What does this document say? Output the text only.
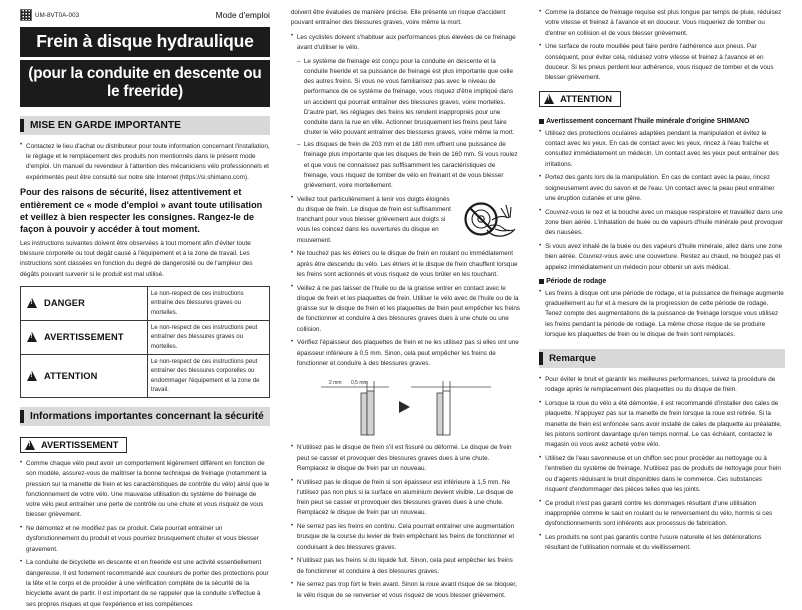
UM-8VT0A-003	Mode d'emploi
Frein à disque hydraulique
(pour la conduite en descente ou le freeride)
MISE EN GARDE IMPORTANTE
• Contactez le lieu d'achat ou distributeur pour toute information concernant l'installation, le réglage et le remplacement des produits non mentionnés dans le présent mode d'emploi. Un manuel du revendeur à l'attention des mécaniciens vélo professionnels et expérimentés peut être consulté sur notre site Internet (https://si.shimano.com).
Pour des raisons de sécurité, lisez attentivement et entièrement ce « mode d'emploi » avant toute utilisation et veillez à bien respecter les consignes. Rangez-le de façon à pouvoir y accéder à tout moment.

Les instructions suivantes doivent être observées à tout moment afin d'éviter toute blessure corporelle ou tout dégât causé à l'équipement et à la zone de travail. Les instructions sont classées en fonction du degré de dangerosité ou de l'ampleur des dégâts pouvant survenir si le produit est mal utilisé.

!
DANGER	Le non-respect de ces instructions entraîne des blessures graves ou mortelles.

!
AVERTISSEMENT	Le non-respect de ces instructions peut entraîner des blessures graves ou mortelles.

!
ATTENTION	Le non-respect de ces instructions peut entraîner des blessures corporelles ou endommager l'équipement et la zone de travail.
Informations importantes concernant la sécurité
!
AVERTISSEMENT
• Comme chaque vélo peut avoir un comportement légèrement différent en fonction de son modèle, assurez-vous de maîtriser la bonne technique de freinage (notamment la pression sur la manette de frein et les caractéristiques de contrôle du vélo) ainsi que le fonctionnement de votre vélo. Une mauvaise utilisation du système de freinage de votre vélo peut entraîner une perte de contrôle ou une chute et vous risquez de vous blesser grièvement.
• Ne démontez et ne modifiez pas ce produit. Cela pourrait entraîner un dysfonctionnement du produit et vous pourriez brusquement chuter et vous blesser gravement.
• La conduite de bicyclette en descente et en freeride est une activité essentiellement dangereuse. Il est fortement recommandé aux coureurs de porter des protections pour la tête et le corps et de procéder à une vérification complète de la sécurité de la bicyclette avant de partir. Il est important de se rappeler que la conduite s'effectue à ses propres risques et que l'expérience et les compétences

doivent être évaluées de manière précise. Elle présente un risque d'accident pouvant entraîner des blessures graves, voire même la mort.

• Les cyclistes doivent s'habituer aux performances plus élevées de ce freinage avant d'utiliser le vélo.
– Le système de freinage est conçu pour la conduite en descente et la conduite freeride et sa puissance de freinage est plus importante que celle des autres freins. Si vous ne vous familiarisez pas avec le niveau de performance de ce système de freinage, vous risquez d'être impliqué dans un accident qui pourrait entraîner des blessures graves, voire mortelles. D'autre part, les réglages des freins les rendent inappropriés pour une conduite dans la rue en ville. Actionner brusquement les freins peut faire chuter le vélo pouvant entraîner des blessures graves, voire même la mort.
– Les disques de frein de 203 mm et de 180 mm offrent une puissance de freinage plus importante que les disques de frein de 160 mm. Si vous roulez et que vous ne connaissez pas suffisamment les caractéristiques de freinage, vous risquez de tomber de vélo en freinant et de vous blesser grièvement, voire mortellement.
• Veillez tout particulièrement à tenir vos doigts éloignés du disque de frein. Le disque de frein est suffisamment tranchant pour vous blesser grièvement aux doigts si vous les coincez dans les ouvertures du disque en mouvement.
• Ne touchez pas les étriers ou le disque de frein en roulant ou immédiatement après être descendu du vélo. Les étriers et le disque de frein chauffent lorsque les freins sont actionnés et vous risquez de vous brûler en les touchant.
• Veillez à ne pas laisser de l'huile ou de la graisse entrer en contact avec le disque de frein et les plaquettes de frein. Utiliser le vélo avec de l'huile ou de la graisse sur le disque de frein et les plaquettes de frein peut empêcher les freins de fonctionner et conduire à des blessures graves dues à une chute ou une collision.
• Vérifiez l'épaisseur des plaquettes de frein et ne les utilisez pas si elles ont une épaisseur inférieure à 0,5 mm. Sinon, cela peut empêcher les freins de fonctionner et conduire à des blessures graves.
2 mm 0,5 mm
• N'utilisez pas le disque de frein s'il est fissuré ou déformé. Le disque de frein peut se casser et provoquer des blessures graves dues à une chute. Remplacez le disque de frein par un nouveau.
• N'utilisez pas le disque de frein si son épaisseur est inférieure à 1,5 mm. Ne l'utilisez pas non plus si la surface en aluminium devient visible. Le disque de frein peut se casser et provoquer des blessures graves dues à une chute. Remplacez le disque de frein par un nouveau.
• Ne serrez pas les freins en continu. Cela pourrait entraîner une augmentation brusque de la course du levier de frein empêchant les freins de fonctionner et conduisant à des blessures graves.
• N'utilisez pas les freins si du liquide fuit. Sinon, cela peut empêcher les freins de fonctionner et conduire à des blessures graves.
• Ne serrez pas trop fort le frein avant. Sinon la roue avant risque de se bloquer, le vélo risque de se renverser et vous risquez de vous blesser grièvement.
• Comme la distance de freinage requise est plus longue par temps de pluie, réduisez votre vitesse et freinez à l'avance et en douceur. Vous risqueriez de tomber ou d'entrer en collision et de vous blesser grièvement.
• Une surface de route mouillée peut faire perdre l'adhérence aux pneus. Par conséquent, pour éviter cela, réduisez votre vitesse et freinez à l'avance et en douceur. Si les pneus perdent leur adhérence, vous risquez de tomber et de vous blesser grièvement.
!
ATTENTION
Avertissement concernant l'huile minérale d'origine SHIMANO
• Utilisez des protections oculaires adaptées pendant la manipulation et évitez le contact avec les yeux. En cas de contact avec les yeux, rincez à l'eau fraîche et consultez immédiatement un médecin. Un contact avec les yeux peut entraîner des irritations.
• Portez des gants lors de la manipulation. En cas de contact avec la peau, rincez soigneusement avec du savon et de l'eau. Un contact avec la peau peut entraîner une éruption cutanée et une gêne.
• Couvrez-vous le nez et la bouche avec un masque respiratoire et travaillez dans une zone bien aérée. L'inhalation de buée ou de vapeurs d'huile minérale peut provoquer des nausées.
• Si vous avez inhalé de la buée ou des vapeurs d'huile minérale, allez dans une zone bien aérée. Couvrez-vous avec une couverture. Restez au chaud, ne bougez pas et appelez immédiatement un médecin pour obtenir un avis médical.
Période de rodage
• Les freins à disque ont une période de rodage, et la puissance de freinage augmente graduellement au fur et à mesure de la progression de cette période de rodage. Tenez compte des augmentations de la puissance de freinage lorsque vous utilisez les freins pendant la période de rodage. La même chose risque de se produire lorsque les plaquettes de frein ou le disque de frein sont remplacés.
Remarque
• Pour éviter le bruit et garantir les meilleures performances, suivez la procédure de rodage après le remplacement des plaquettes ou du disque de frein.
• Lorsque la roue du vélo a été démontée, il est recommandé d'installer des cales de plaquette. N'appuyez pas sur la manette de frein lorsque la roue est retirée. Si la manette de frein est enfoncée sans avoir installé de cales de plaquette au préalable, les pistons sortiront davantage qu'en temps normal. Le cas échéant, contactez le magasin où vous avez acheté votre vélo.
• Utilisez de l'eau savonneuse et un chiffon sec pour procéder au nettoyage ou à l'entretien du système de freinage. N'utilisez pas de produits de nettoyage pour frein ou d'agents réduisant le bruit disponibles dans le commerce. Ces substances risquent d'endommager des pièces telles que les joints.
• Ce produit n'est pas garanti contre les dommages résultant d'une utilisation inappropriée comme le saut en roulant ou le renversement du vélo, hormis si ces dysfonctionnements sont inhérents aux processus de fabrication.
• Les produits ne sont pas garantis contre l'usure naturelle et les détériorations résultant de l'utilisation normale et du vieillissement.
